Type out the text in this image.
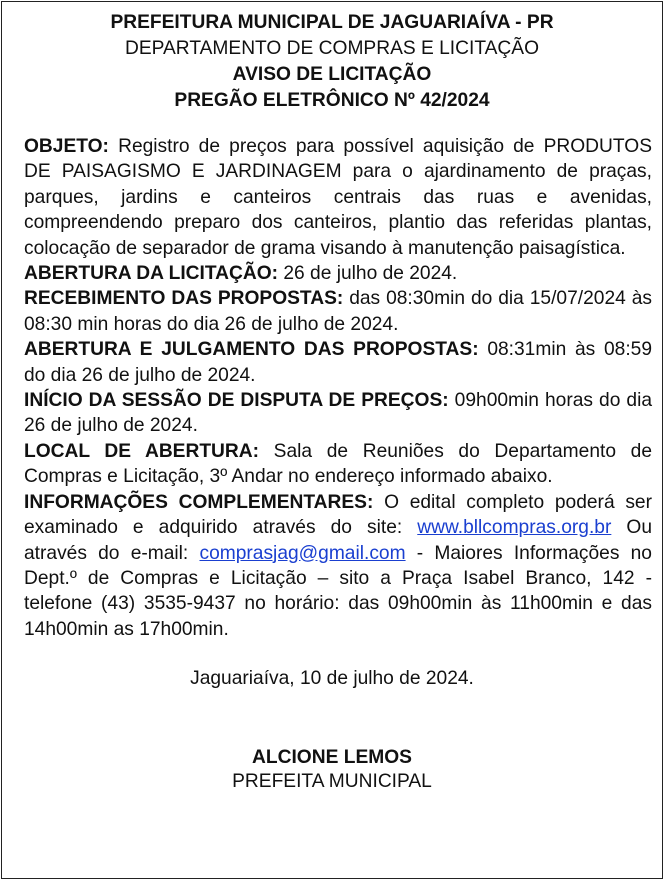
PREFEITURA MUNICIPAL DE JAGUARIAÍVA - PR
DEPARTAMENTO DE COMPRAS E LICITAÇÃO
AVISO DE LICITAÇÃO
PREGÃO ELETRÔNICO Nº 42/2024

OBJETO: Registro de preços para possível aquisição de PRODUTOS DE PAISAGISMO E JARDINAGEM para o ajardinamento de praças, parques, jardins e canteiros centrais das ruas e avenidas, compreendendo preparo dos canteiros, plantio das referidas plantas, colocação de separador de grama visando à manutenção paisagística.

ABERTURA DA LICITAÇÃO: 26 de julho de 2024.

RECEBIMENTO DAS PROPOSTAS: das 08:30min do dia 15/07/2024 às 08:30 min horas do dia 26 de julho de 2024.

ABERTURA E JULGAMENTO DAS PROPOSTAS: 08:31min às 08:59 do dia 26 de julho de 2024.

INÍCIO DA SESSÃO DE DISPUTA DE PREÇOS: 09h00min horas do dia 26 de julho de 2024.

LOCAL DE ABERTURA: Sala de Reuniões do Departamento de Compras e Licitação, 3º Andar no endereço informado abaixo.

INFORMAÇÕES COMPLEMENTARES: O edital completo poderá ser examinado e adquirido através do site: www.bllcompras.org.br Ou através do e-mail: comprasjag@gmail.com - Maiores Informações no Dept.º de Compras e Licitação – sito a Praça Isabel Branco, 142 - telefone (43) 3535-9437 no horário: das 09h00min às 11h00min e das 14h00min as 17h00min.

Jaguariaíva, 10 de julho de 2024.
ALCIONE LEMOS
PREFEITA MUNICIPAL
